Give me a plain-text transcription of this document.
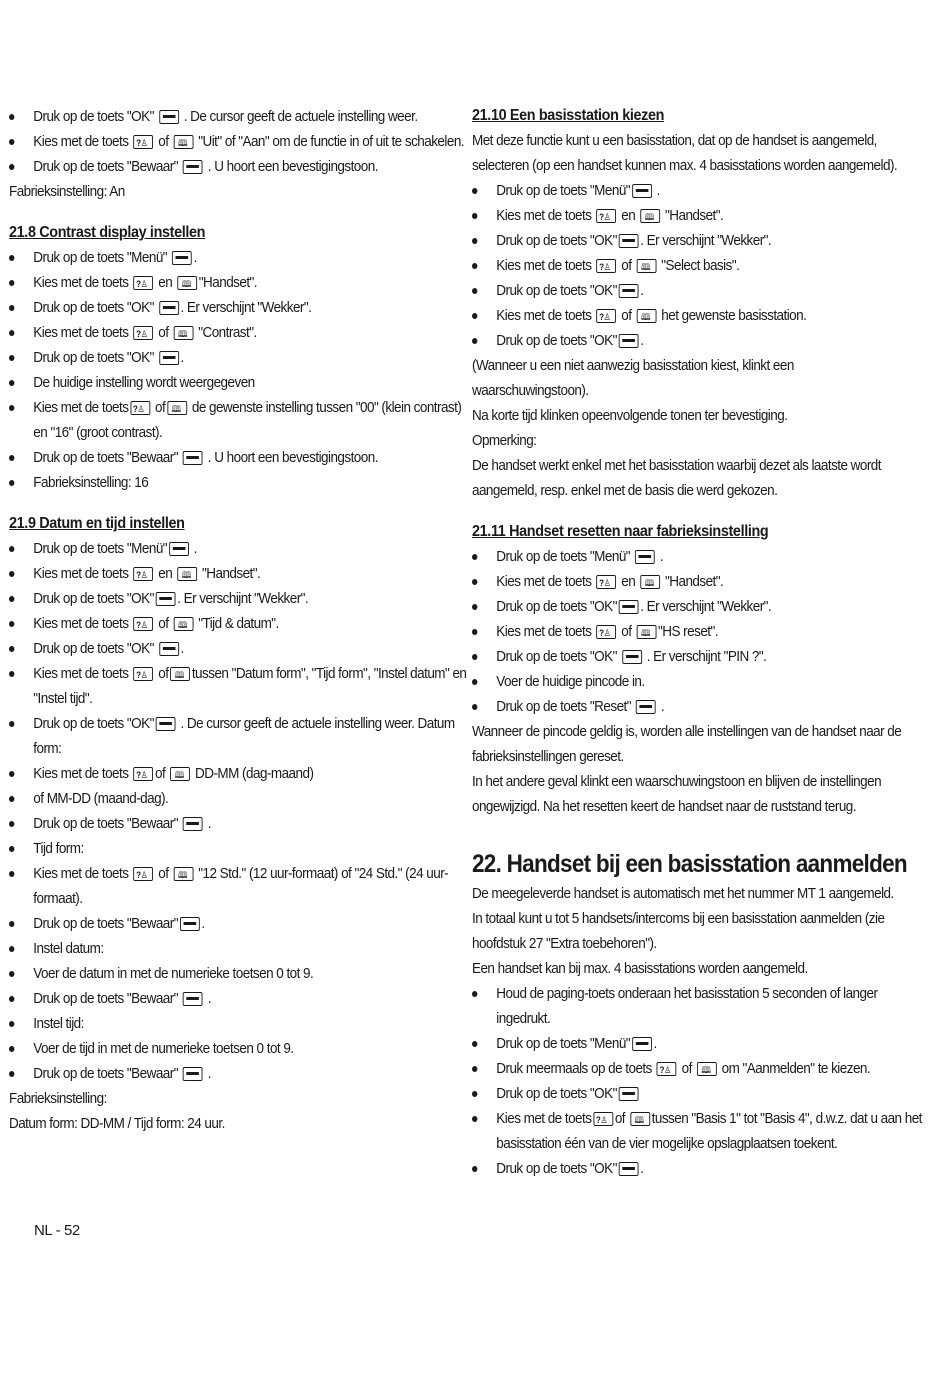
Druk op de toets "OK"  . De cursor geeft de actuele instelling weer.
Kies met de toets ?♙ of 🕮 "Uit" of "Aan" om de functie in of uit te schakelen.
Druk op de toets "Bewaar"  . U hoort een bevestigingstoon.
Fabrieksinstelling: An
21.8 Contrast display instellen
Druk op de toets "Menü" .
Kies met de toets ?♙ en 🕮"Handset".
Druk op de toets "OK" . Er verschijnt "Wekker".
Kies met de toets ?♙ of 🕮 "Contrast".
Druk op de toets "OK" .
De huidige instelling wordt weergegeven
Kies met de toets?♙ of🕮 de gewenste instelling tussen "00" (klein contrast) en "16" (groot contrast).
Druk op de toets "Bewaar"  . U hoort een bevestigingstoon.
Fabrieksinstelling: 16
21.9 Datum en tijd instellen
Druk op de toets "Menü" .
Kies met de toets ?♙ en 🕮 "Handset".
Druk op de toets "OK" . Er verschijnt "Wekker".
Kies met de toets ?♙ of 🕮 "Tijd & datum".
Druk op de toets "OK" .
Kies met de toets ?♙ of 🕮 tussen "Datum form", "Tijd form", "Instel datum" en "Instel tijd".
Druk op de toets "OK" . De cursor geeft de actuele instelling weer. Datum form:
Kies met de toets ?♙of 🕮 DD-MM (dag-maand)
of MM-DD (maand-dag).
Druk op de toets "Bewaar"  .
Tijd form:
Kies met de toets ?♙ of 🕮 "12 Std." (12 uur-formaat) of "24 Std." (24 uur-formaat).
Druk op de toets "Bewaar" .
Instel datum:
Voer de datum in met de numerieke toetsen 0 tot 9.
Druk op de toets "Bewaar"  .
Instel tijd:
Voer de tijd in met de numerieke toetsen 0 tot 9.
Druk op de toets "Bewaar"  .
Fabrieksinstelling:
Datum form: DD-MM / Tijd form: 24 uur.
21.10 Een basisstation kiezen
Met deze functie kunt u een basisstation, dat op de handset is aangemeld, selecteren (op een handset kunnen max. 4 basisstations worden aangemeld).
Druk op de toets "Menü" .
Kies met de toets ?♙ en 🕮 "Handset".
Druk op de toets "OK" . Er verschijnt "Wekker".
Kies met de toets ?♙ of 🕮 "Select basis".
Druk op de toets "OK" .
Kies met de toets ?♙ of 🕮 het gewenste basisstation.
Druk op de toets "OK" .
(Wanneer u een niet aanwezig basisstation kiest, klinkt een waarschuwingstoon).
Na korte tijd klinken opeenvolgende tonen ter bevestiging.
Opmerking:
De handset werkt enkel met het basisstation waarbij dezet als laatste wordt aangemeld, resp. enkel met de basis die werd gekozen.
21.11 Handset resetten naar fabrieksinstelling
Druk op de toets "Menü"  .
Kies met de toets ?♙ en 🕮 "Handset".
Druk op de toets "OK" . Er verschijnt "Wekker".
Kies met de toets ?♙ of 🕮"HS reset".
Druk op de toets "OK"  . Er verschijnt "PIN ?".
Voer de huidige pincode in.
Druk op de toets "Reset"  .
Wanneer de pincode geldig is, worden alle instellingen van de handset naar de fabrieksinstellingen gereset.
In het andere geval klinkt een waarschuwingstoon en blijven de instellingen ongewijzigd. Na het resetten keert de handset naar de ruststand terug.
22. Handset bij een basisstation aanmelden
De meegeleverde handset is automatisch met het nummer MT 1 aangemeld.
In totaal kunt u tot 5 handsets/intercoms bij een basisstation aanmelden (zie hoofdstuk 27 "Extra toebehoren").
Een handset kan bij max. 4 basisstations worden aangemeld.
Houd de paging-toets onderaan het basisstation 5 seconden of langer ingedrukt.
Druk op de toets "Menü" .
Druk meermaals op de toets ?♙ of 🕮 om "Aanmelden" te kiezen.
Druk op de toets "OK"
Kies met de toets ?♙ of 🕮tussen "Basis 1" tot "Basis 4", d.w.z. dat u aan het basisstation één van de vier mogelijke opslagplaatsen toekent.
Druk op de toets "OK" .
NL - 52
